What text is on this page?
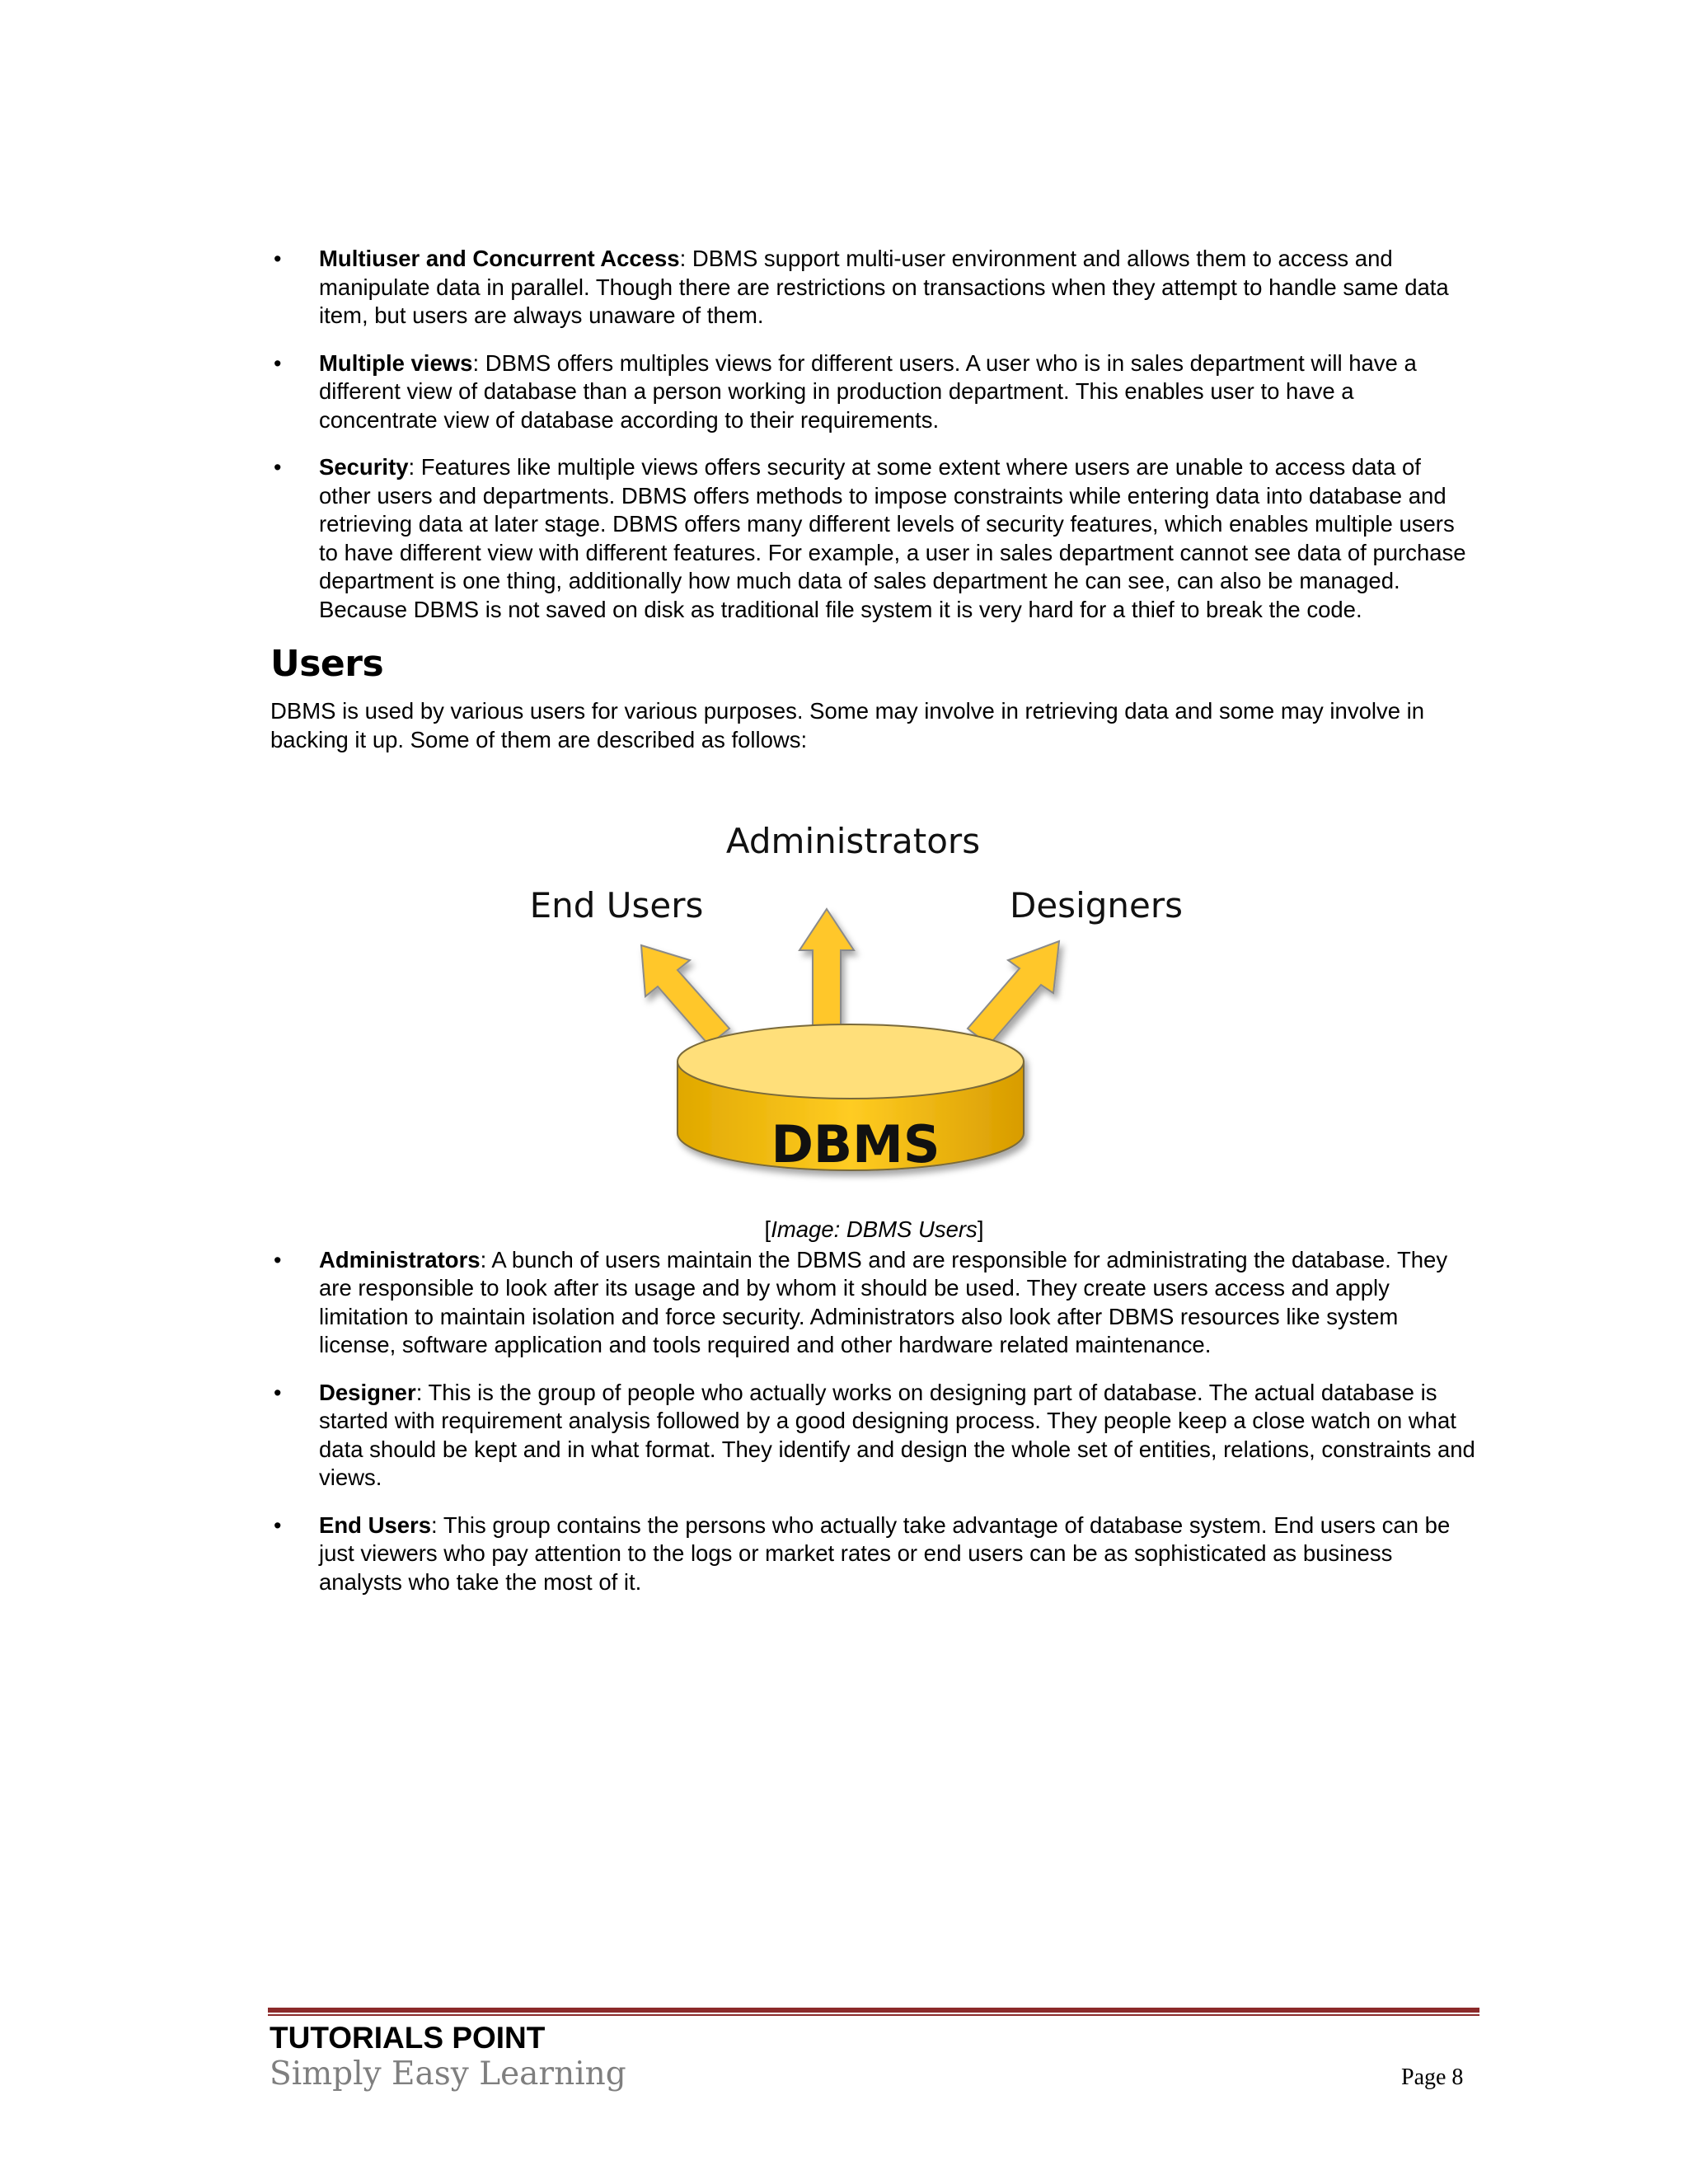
• Multiuser and Concurrent Access: DBMS support multi-user environment and allows them to access and manipulate data in parallel. Though there are restrictions on transactions when they attempt to handle same data item, but users are always unaware of them.
• Multiple views: DBMS offers multiples views for different users. A user who is in sales department will have a different view of database than a person working in production department. This enables user to have a concentrate view of database according to their requirements.
• Security: Features like multiple views offers security at some extent where users are unable to access data of other users and departments. DBMS offers methods to impose constraints while entering data into database and retrieving data at later stage. DBMS offers many different levels of security features, which enables multiple users to have different view with different features. For example, a user in sales department cannot see data of purchase department is one thing, additionally how much data of sales department he can see, can also be managed. Because DBMS is not saved on disk as traditional file system it is very hard for a thief to break the code.
Users

DBMS is used by various users for various purposes. Some may involve in retrieving data and some may involve in backing it up. Some of them are described as follows:

Administrators
End Users	Designers
DBMS

[Image: DBMS Users]

• Administrators: A bunch of users maintain the DBMS and are responsible for administrating the database. They are responsible to look after its usage and by whom it should be used. They create users access and apply limitation to maintain isolation and force security. Administrators also look after DBMS resources like system license, software application and tools required and other hardware related maintenance.
• Designer: This is the group of people who actually works on designing part of database. The actual database is started with requirement analysis followed by a good designing process. They people keep a close watch on what data should be kept and in what format. They identify and design the whole set of entities, relations, constraints and views.
• End Users: This group contains the persons who actually take advantage of database system. End users can be just viewers who pay attention to the logs or market rates or end users can be as sophisticated as business analysts who take the most of it.
TUTORIALS POINT
Simply Easy Learning	Page 8
